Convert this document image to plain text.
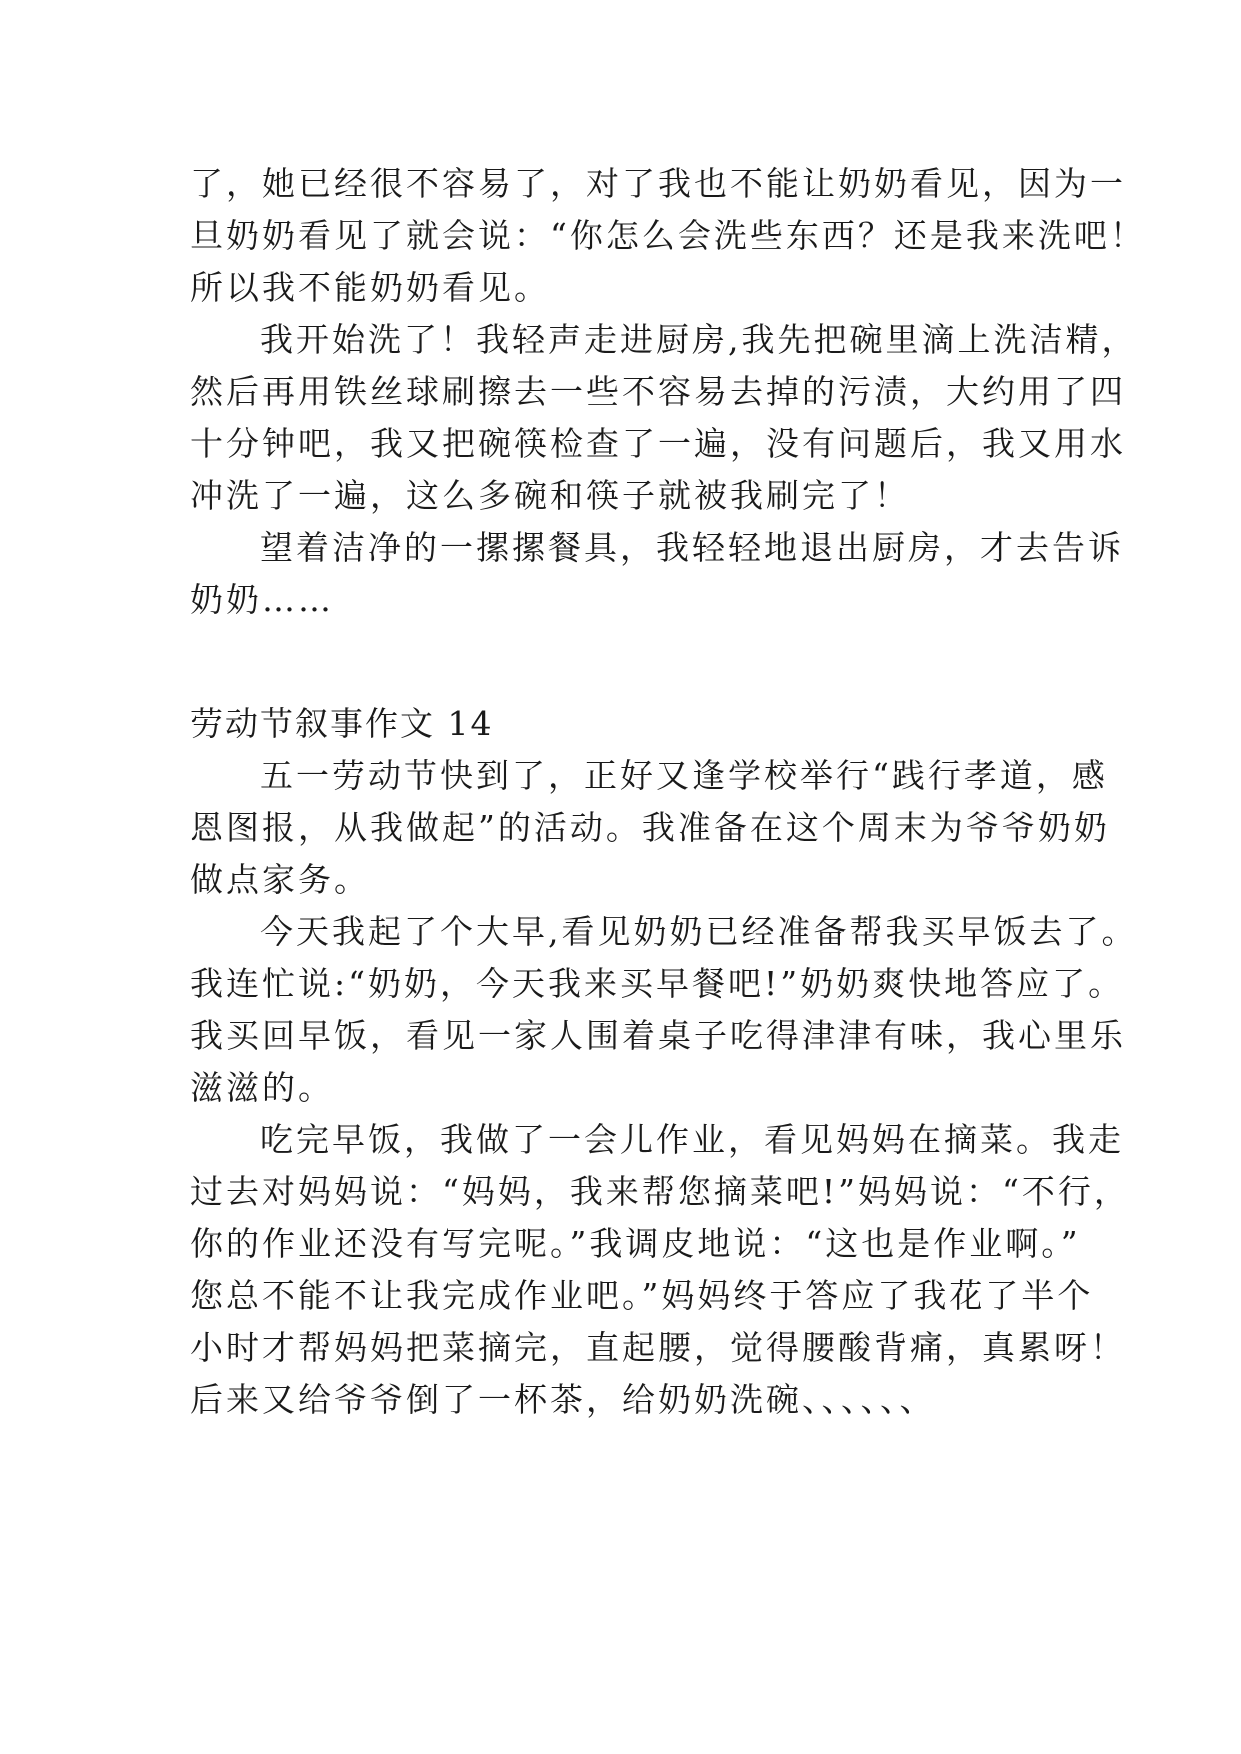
了，她已经很不容易了，对了我也不能让奶奶看见，因为一
旦奶奶看见了就会说：“你怎么会洗些东西？还是我来洗吧！
所以我不能奶奶看见。
我开始洗了！我轻声走进厨房,我先把碗里滴上洗洁精，
然后再用铁丝球刷擦去一些不容易去掉的污渍，大约用了四
十分钟吧，我又把碗筷检查了一遍，没有问题后，我又用水
冲洗了一遍，这么多碗和筷子就被我刷完了！
望着洁净的一摞摞餐具，我轻轻地退出厨房，才去告诉
奶奶……
劳动节叙事作文 14
五一劳动节快到了，正好又逢学校举行“践行孝道，感
恩图报，从我做起”的活动。我准备在这个周末为爷爷奶奶
做点家务。
今天我起了个大早,看见奶奶已经准备帮我买早饭去了。
我连忙说:“奶奶，今天我来买早餐吧!”奶奶爽快地答应了。
我买回早饭，看见一家人围着桌子吃得津津有味，我心里乐
滋滋的。
吃完早饭，我做了一会儿作业，看见妈妈在摘菜。我走
过去对妈妈说：“妈妈，我来帮您摘菜吧!”妈妈说：“不行，
你的作业还没有写完呢。”我调皮地说：“这也是作业啊。”
您总不能不让我完成作业吧。”妈妈终于答应了我花了半个
小时才帮妈妈把菜摘完，直起腰，觉得腰酸背痛，真累呀！
后来又给爷爷倒了一杯茶，给奶奶洗碗、、、、、、
